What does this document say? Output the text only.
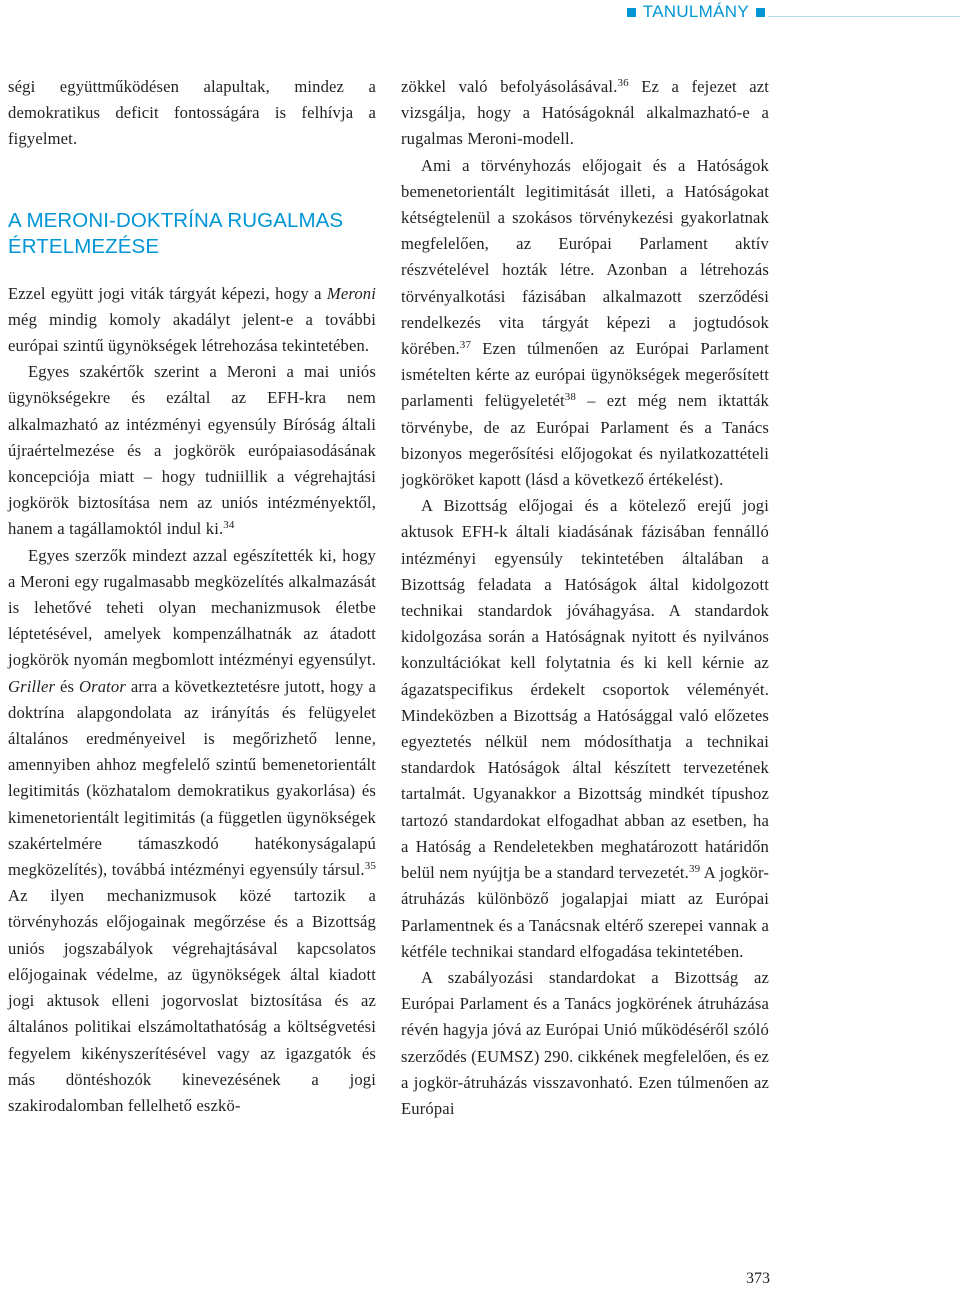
TANULMÁNY

ségi együttműködésen alapultak, mindez a demokratikus deficit fontosságára is felhívja a figyelmet.

A MERONI-DOKTRÍNA RUGALMAS ÉRTELMEZÉSE

Ezzel együtt jogi viták tárgyát képezi, hogy a Meroni még mindig komoly akadályt jelent-e a további európai szintű ügynökségek létrehozása tekintetében.

Egyes szakértők szerint a Meroni a mai uniós ügynökségekre és ezáltal az EFH-kra nem alkalmazható az intézményi egyensúly Bíróság általi újraértelmezése és a jogkörök európaiasodásának koncepciója miatt – hogy tudniillik a végrehajtási jogkörök biztosítása nem az uniós intézményektől, hanem a tagállamoktól indul ki.$^{34}$

Egyes szerzők mindezt azzal egészítették ki, hogy a Meroni egy rugalmasabb megközelítés alkalmazását is lehetővé teheti olyan mechanizmusok életbe léptetésével, amelyek kompenzálhatnák az átadott jogkörök nyomán megbomlott intézményi egyensúlyt. Griller és Orator arra a következtetésre jutott, hogy a doktrína alapgondolata az irányítás és felügyelet általános eredményeivel is megőrizhető lenne, amennyiben ahhoz megfelelő szintű bemenetorientált legitimitás (közhatalom demokratikus gyakorlása) és kimenetorientált legitimitás (a független ügynökségek szakértelmére támaszkodó hatékonyságalapú megközelítés), továbbá intézményi egyensúly társul.$^{35}$ Az ilyen mechanizmusok közé tartozik a törvényhozás előjogainak megőrzése és a Bizottság uniós jogszabályok végrehajtásával kapcsolatos előjogainak védelme, az ügynökségek által kiadott jogi aktusok elleni jogorvoslat biztosítása és az általános politikai elszámoltathatóság a költségvetési fegyelem kikényszerítésével vagy az igazgatók és más döntéshozók kinevezésének a jogi szakirodalomban fellelhető eszkö-

zökkel való befolyásolásával.$^{36}$ Ez a fejezet azt vizsgálja, hogy a Hatóságoknál alkalmazható-e a rugalmas Meroni-modell.

Ami a törvényhozás előjogait és a Hatóságok bemenetorientált legitimitását illeti, a Hatóságokat kétségtelenül a szokásos törvénykezési gyakorlatnak megfelelően, az Európai Parlament aktív részvételével hozták létre. Azonban a létrehozás törvényalkotási fázisában alkalmazott szerződési rendelkezés vita tárgyát képezi a jogtudósok körében.$^{37}$ Ezen túlmenően az Európai Parlament ismételten kérte az európai ügynökségek megerősített parlamenti felügyeletét$^{38}$ – ezt még nem iktatták törvénybe, de az Európai Parlament és a Tanács bizonyos megerősítési előjogokat és nyilatkozattételi jogköröket kapott (lásd a következő értékelést).

A Bizottság előjogai és a kötelező erejű jogi aktusok EFH-k általi kiadásának fázisában fennálló intézményi egyensúly tekintetében általában a Bizottság feladata a Hatóságok által kidolgozott technikai standardok jóváhagyása. A standardok kidolgozása során a Hatóságnak nyitott és nyilvános konzultációkat kell folytatnia és ki kell kérnie az ágazatspecifikus érdekelt csoportok véleményét. Mindeközben a Bizottság a Hatósággal való előzetes egyeztetés nélkül nem módosíthatja a technikai standardok Hatóságok által készített tervezetének tartalmát. Ugyanakkor a Bizottság mindkét típushoz tartozó standardokat elfogadhat abban az esetben, ha a Hatóság a Rendeletekben meghatározott határidőn belül nem nyújtja be a standard tervezetét.$^{39}$ A jogkör-átruházás különböző jogalapjai miatt az Európai Parlamentnek és a Tanácsnak eltérő szerepei vannak a kétféle technikai standard elfogadása tekintetében.

A szabályozási standardokat a Bizottság az Európai Parlament és a Tanács jogkörének átruházása révén hagyja jóvá az Európai Unió működéséről szóló szerződés (EUMSZ) 290. cikkének megfelelően, és ez a jogkör-átruházás visszavonható. Ezen túlmenően az Európai

373
